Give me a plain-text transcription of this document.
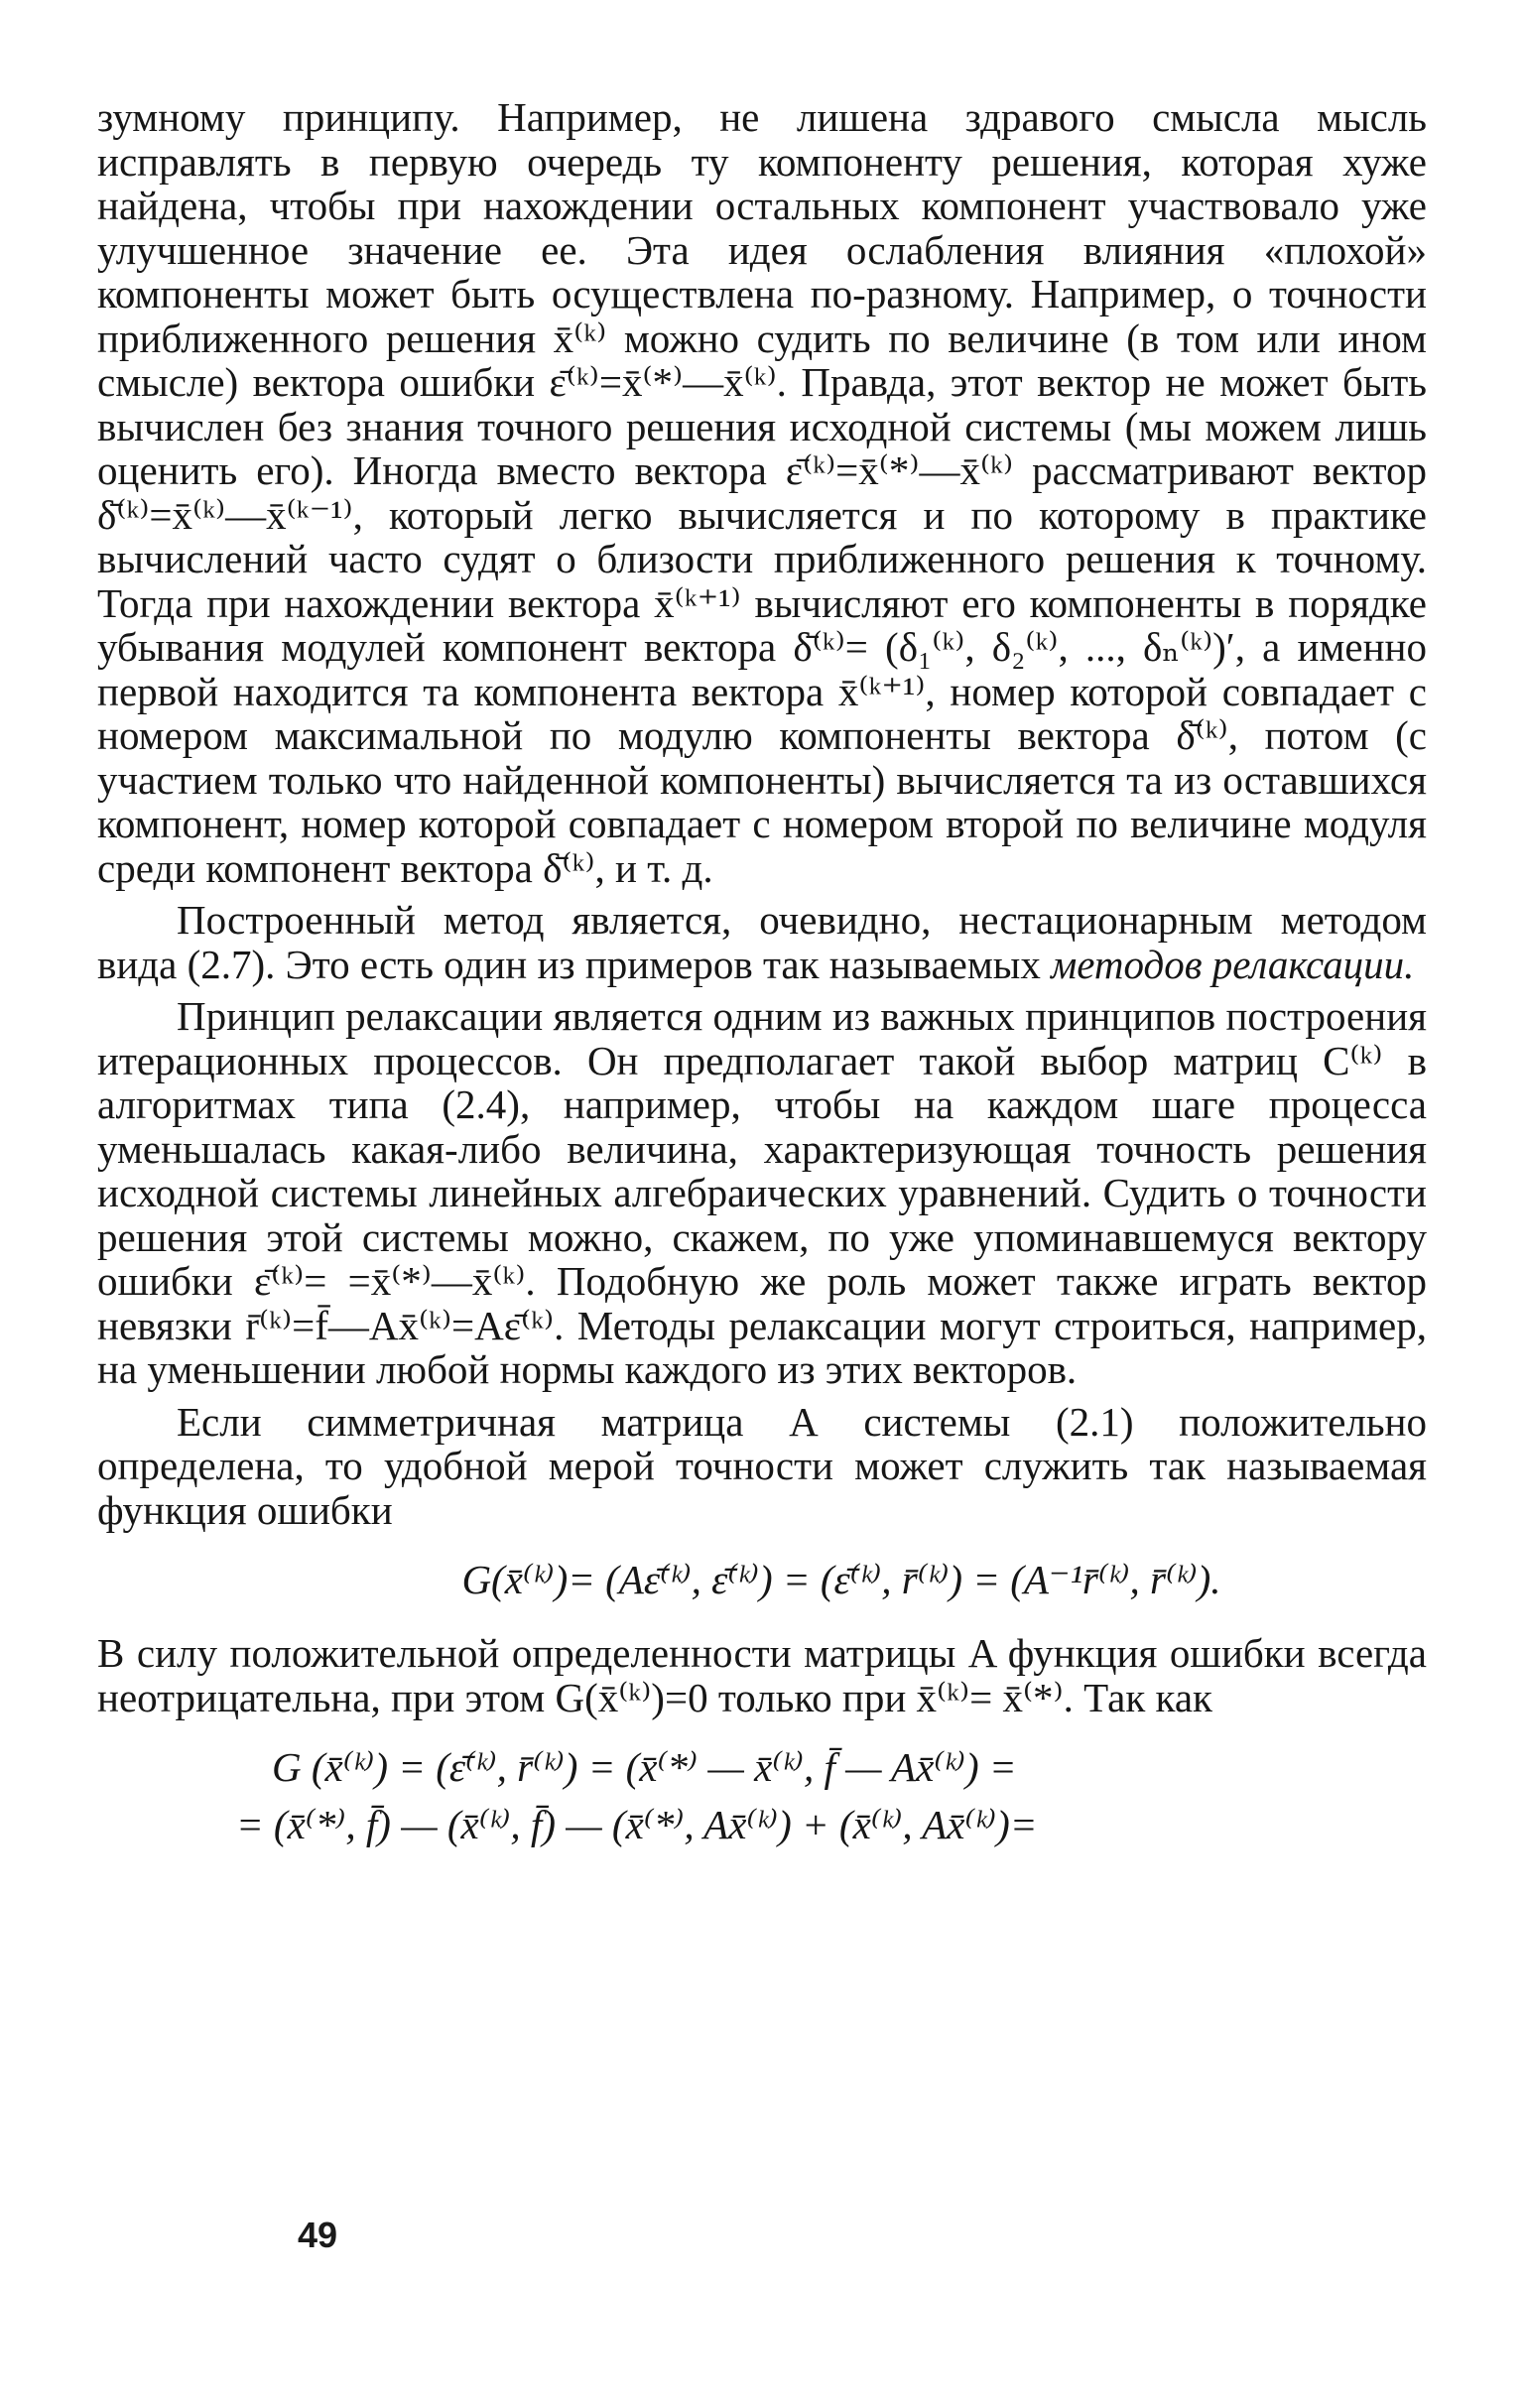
зумному принципу. Например, не лишена здравого смысла мысль исправлять в первую очередь ту компоненту решения, которая хуже найдена, чтобы при нахождении остальных компонент участвовало уже улучшенное значение ее. Эта идея ослабления влияния «плохой» компоненты может быть осуществлена по-разному. Например, о точности приближенного решения x̄⁽ᵏ⁾ можно судить по величине (в том или ином смысле) вектора ошибки ε̄⁽ᵏ⁾=x̄⁽*⁾—x̄⁽ᵏ⁾. Правда, этот вектор не может быть вычислен без знания точного решения исходной системы (мы можем лишь оценить его). Иногда вместо вектора ε̄⁽ᵏ⁾=x̄⁽*⁾—x̄⁽ᵏ⁾ рассматривают вектор δ̄⁽ᵏ⁾=x̄⁽ᵏ⁾—x̄⁽ᵏ⁻¹⁾, который легко вычисляется и по которому в практике вычислений часто судят о близости приближенного решения к точному. Тогда при нахождении вектора x̄⁽ᵏ⁺¹⁾ вычисляют его компоненты в порядке убывания модулей компонент вектора δ̄⁽ᵏ⁾= (δ₁⁽ᵏ⁾, δ₂⁽ᵏ⁾, ..., δₙ⁽ᵏ⁾)′, а именно первой находится та компонента вектора x̄⁽ᵏ⁺¹⁾, номер которой совпадает с номером максимальной по модулю компоненты вектора δ̄⁽ᵏ⁾, потом (с участием только что найденной компоненты) вычисляется та из оставшихся компонент, номер которой совпадает с номером второй по величине модуля среди компонент вектора δ̄⁽ᵏ⁾, и т. д.

Построенный метод является, очевидно, нестационарным методом вида (2.7). Это есть один из примеров так называемых методов релаксации.

Принцип релаксации является одним из важных принципов построения итерационных процессов. Он предполагает такой выбор матриц C⁽ᵏ⁾ в алгоритмах типа (2.4), например, чтобы на каждом шаге процесса уменьшалась какая-либо величина, характеризующая точность решения исходной системы линейных алгебраических уравнений. Судить о точности решения этой системы можно, скажем, по уже упоминавшемуся вектору ошибки ε̄⁽ᵏ⁾= =x̄⁽*⁾—x̄⁽ᵏ⁾. Подобную же роль может также играть вектор невязки r̄⁽ᵏ⁾=f̄—Ax̄⁽ᵏ⁾=Aε̄⁽ᵏ⁾. Методы релаксации могут строиться, например, на уменьшении любой нормы каждого из этих векторов.

Если симметричная матрица А системы (2.1) положительно определена, то удобной мерой точности может служить так называемая функция ошибки

G(x̄⁽ᵏ⁾)= (Aε̄⁽ᵏ⁾, ε̄⁽ᵏ⁾) = (ε̄⁽ᵏ⁾, r̄⁽ᵏ⁾) = (A⁻¹r̄⁽ᵏ⁾, r̄⁽ᵏ⁾).

В силу положительной определенности матрицы A функция ошибки всегда неотрицательна, при этом G(x̄⁽ᵏ⁾)=0 только при x̄⁽ᵏ⁾= x̄⁽*⁾. Так как

G (x̄⁽ᵏ⁾) = (ε̄⁽ᵏ⁾, r̄⁽ᵏ⁾) = (x̄⁽*⁾ — x̄⁽ᵏ⁾, f̄ — Ax̄⁽ᵏ⁾) =

= (x̄⁽*⁾, f̄) — (x̄⁽ᵏ⁾, f̄) — (x̄⁽*⁾, Ax̄⁽ᵏ⁾) + (x̄⁽ᵏ⁾, Ax̄⁽ᵏ⁾)=

49
